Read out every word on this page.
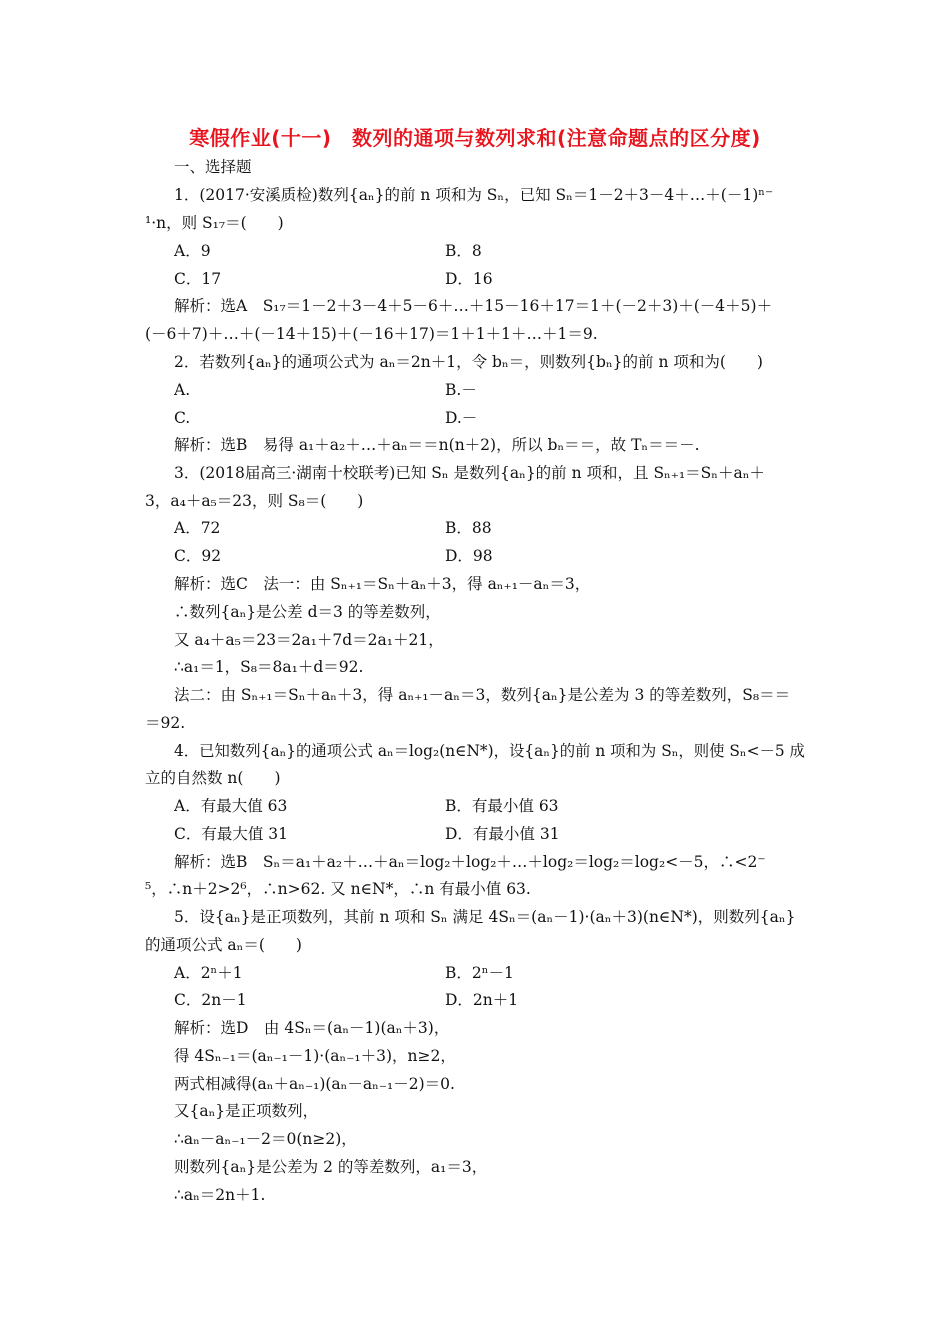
寒假作业(十一)　数列的通项与数列求和(注意命题点的区分度)
一、选择题
1．(2017·安溪质检)数列{aₙ}的前 n 项和为 Sₙ，已知 Sₙ＝1－2＋3－4＋…＋(－1)ⁿ⁻
¹·n，则 S₁₇＝(　　)
A．9	B．8
C．17	D．16
解析：选A　S₁₇＝1－2＋3－4＋5－6＋…＋15－16＋17＝1＋(－2＋3)＋(－4＋5)＋
(－6＋7)＋…＋(－14＋15)＋(－16＋17)＝1＋1＋1＋…＋1＝9.
2．若数列{aₙ}的通项公式为 aₙ＝2n＋1，令 bₙ＝，则数列{bₙ}的前 n 项和为(　　)
A.	B.－
C.	D.－
解析：选B　易得 a₁＋a₂＋…＋aₙ＝＝n(n＋2)，所以 bₙ＝＝，故 Tₙ＝＝－.
3．(2018届高三·湖南十校联考)已知 Sₙ 是数列{aₙ}的前 n 项和，且 Sₙ₊₁＝Sₙ＋aₙ＋
3，a₄＋a₅＝23，则 S₈＝(　　)
A．72	B．88
C．92	D．98
解析：选C　法一：由 Sₙ₊₁＝Sₙ＋aₙ＋3，得 aₙ₊₁－aₙ＝3，
∴数列{aₙ}是公差 d＝3 的等差数列，
又 a₄＋a₅＝23＝2a₁＋7d＝2a₁＋21，
∴a₁＝1，S₈＝8a₁＋d＝92.
法二：由 Sₙ₊₁＝Sₙ＋aₙ＋3，得 aₙ₊₁－aₙ＝3，数列{aₙ}是公差为 3 的等差数列，S₈＝＝
＝92.
4．已知数列{aₙ}的通项公式 aₙ＝log₂(n∈N*)，设{aₙ}的前 n 项和为 Sₙ，则使 Sₙ<－5 成
立的自然数 n(　　)
A．有最大值 63	B．有最小值 63
C．有最大值 31	D．有最小值 31
解析：选B　Sₙ＝a₁＋a₂＋…＋aₙ＝log₂＋log₂＋…＋log₂＝log₂＝log₂<－5，∴<2⁻
⁵，∴n＋2>2⁶，∴n>62. 又 n∈N*，∴n 有最小值 63.
5．设{aₙ}是正项数列，其前 n 项和 Sₙ 满足 4Sₙ＝(aₙ－1)·(aₙ＋3)(n∈N*)，则数列{aₙ}
的通项公式 aₙ＝(　　)
A．2ⁿ＋1	B．2ⁿ－1
C．2n－1	D．2n＋1
解析：选D　由 4Sₙ＝(aₙ－1)(aₙ＋3)，
得 4Sₙ₋₁＝(aₙ₋₁－1)·(aₙ₋₁＋3)，n≥2，
两式相减得(aₙ＋aₙ₋₁)(aₙ－aₙ₋₁－2)＝0.
又{aₙ}是正项数列，
∴aₙ－aₙ₋₁－2＝0(n≥2)，
则数列{aₙ}是公差为 2 的等差数列，a₁＝3，
∴aₙ＝2n＋1.
